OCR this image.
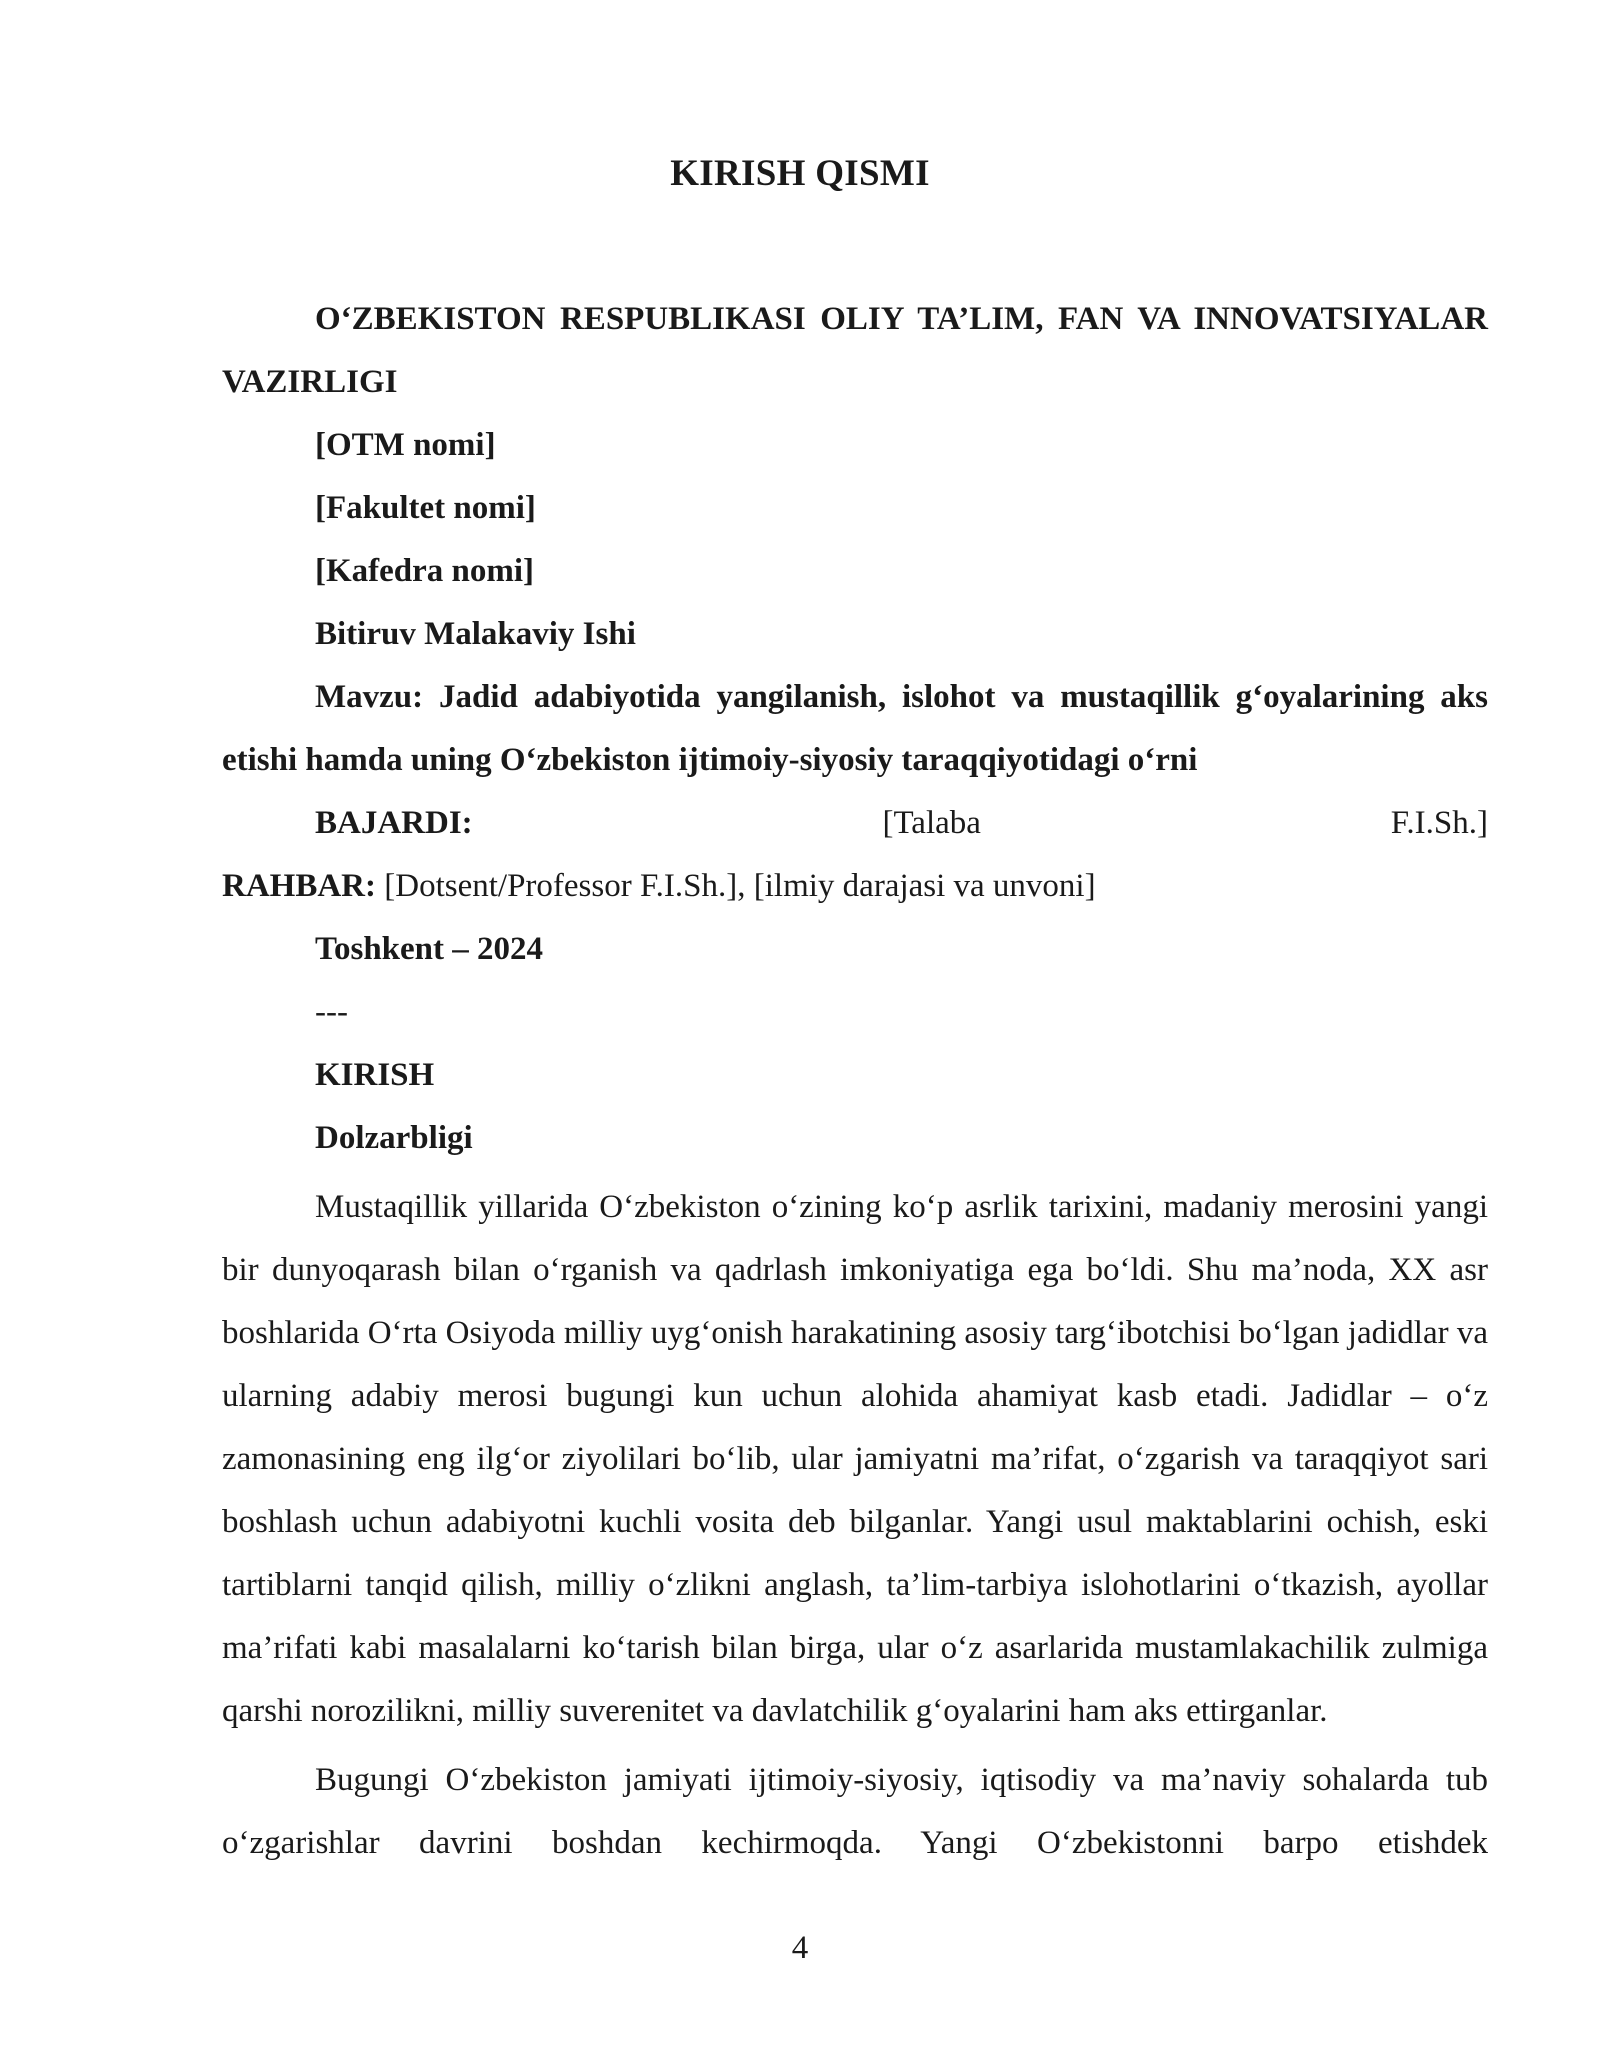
KIRISH QISMI

O‘ZBEKISTON RESPUBLIKASI OLIY TA’LIM, FAN VA INNOVATSIYALAR VAZIRLIGI

[OTM nomi]

[Fakultet nomi]

[Kafedra nomi]

Bitiruv Malakaviy Ishi

Mavzu: Jadid adabiyotida yangilanish, islohot va mustaqillik g‘oyalarining aks etishi hamda uning O‘zbekiston ijtimoiy-siyosiy taraqqiyotidagi o‘rni

BAJARDI:	[Talaba F.I.Sh.]

RAHBAR: [Dotsent/Professor F.I.Sh.], [ilmiy darajasi va unvoni]

Toshkent – 2024

---

KIRISH

Dolzarbligi

Mustaqillik yillarida O‘zbekiston o‘zining ko‘p asrlik tarixini, madaniy merosini yangi bir dunyoqarash bilan o‘rganish va qadrlash imkoniyatiga ega bo‘ldi. Shu ma’noda, XX asr boshlarida O‘rta Osiyoda milliy uyg‘onish harakatining asosiy targ‘ibotchisi bo‘lgan jadidlar va ularning adabiy merosi bugungi kun uchun alohida ahamiyat kasb etadi. Jadidlar – o‘z zamonasining eng ilg‘or ziyolilari bo‘lib, ular jamiyatni ma’rifat, o‘zgarish va taraqqiyot sari boshlash uchun adabiyotni kuchli vosita deb bilganlar. Yangi usul maktablarini ochish, eski tartiblarni tanqid qilish, milliy o‘zlikni anglash, ta’lim-tarbiya islohotlarini o‘tkazish, ayollar ma’rifati kabi masalalarni ko‘tarish bilan birga, ular o‘z asarlarida mustamlakachilik zulmiga qarshi norozilikni, milliy suverenitet va davlatchilik g‘oyalarini ham aks ettirganlar.

Bugungi O‘zbekiston jamiyati ijtimoiy-siyosiy, iqtisodiy va ma’naviy sohalarda tub o‘zgarishlar davrini boshdan kechirmoqda. Yangi O‘zbekistonni barpo etishdek

4
